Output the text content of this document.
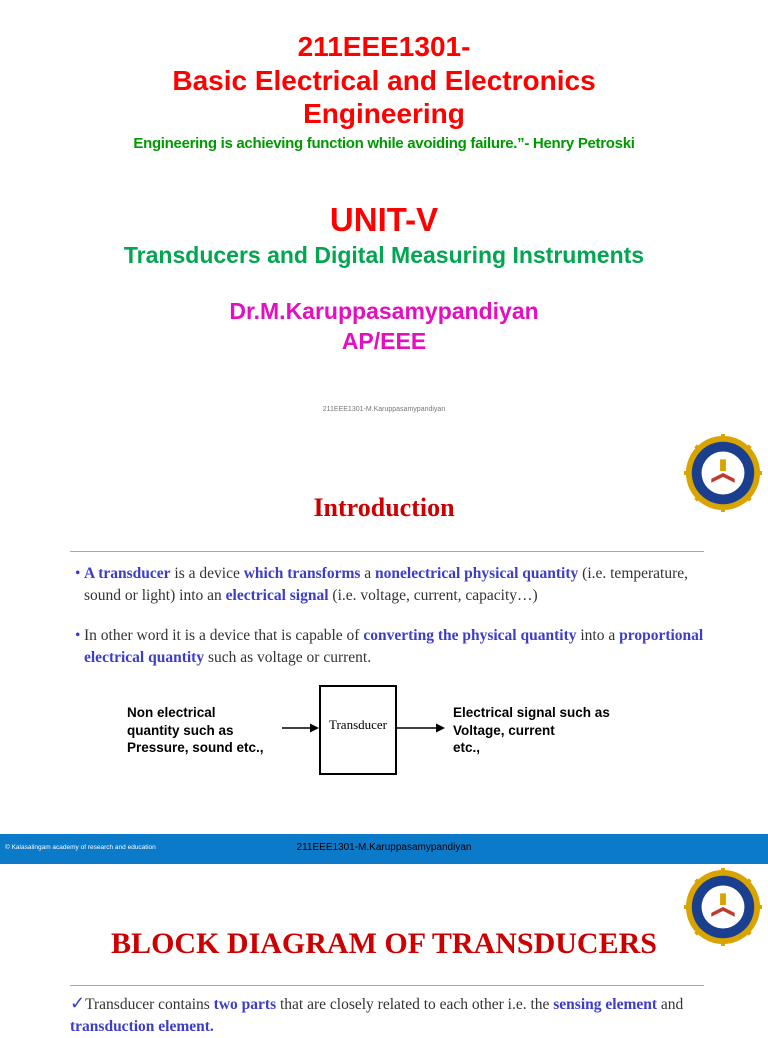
211EEE1301-
Basic Electrical and Electronics
Engineering
Engineering is achieving function while avoiding failure.”- Henry Petroski
UNIT-V
Transducers and Digital Measuring Instruments
Dr.M.Karuppasamypandiyan
AP/EEE
211EEE1301-M.Karuppasamypandiyan
Introduction

• A transducer is a device which transforms a nonelectrical physical quantity (i.e. temperature, sound or light) into an electrical signal (i.e. voltage, current, capacity…)

• In other word it is a device that is capable of converting the physical quantity into a proportional electrical quantity such as voltage or current.

Non electrical
quantity such as
Pressure, sound etc.,
Transducer
Electrical signal such as
Voltage, current
etc.,
© Kalasalingam academy of research and education	211EEE1301-M.Karuppasamypandiyan
BLOCK DIAGRAM OF TRANSDUCERS

✓Transducer contains two parts that are closely related to each other i.e. the sensing element and transduction element.
